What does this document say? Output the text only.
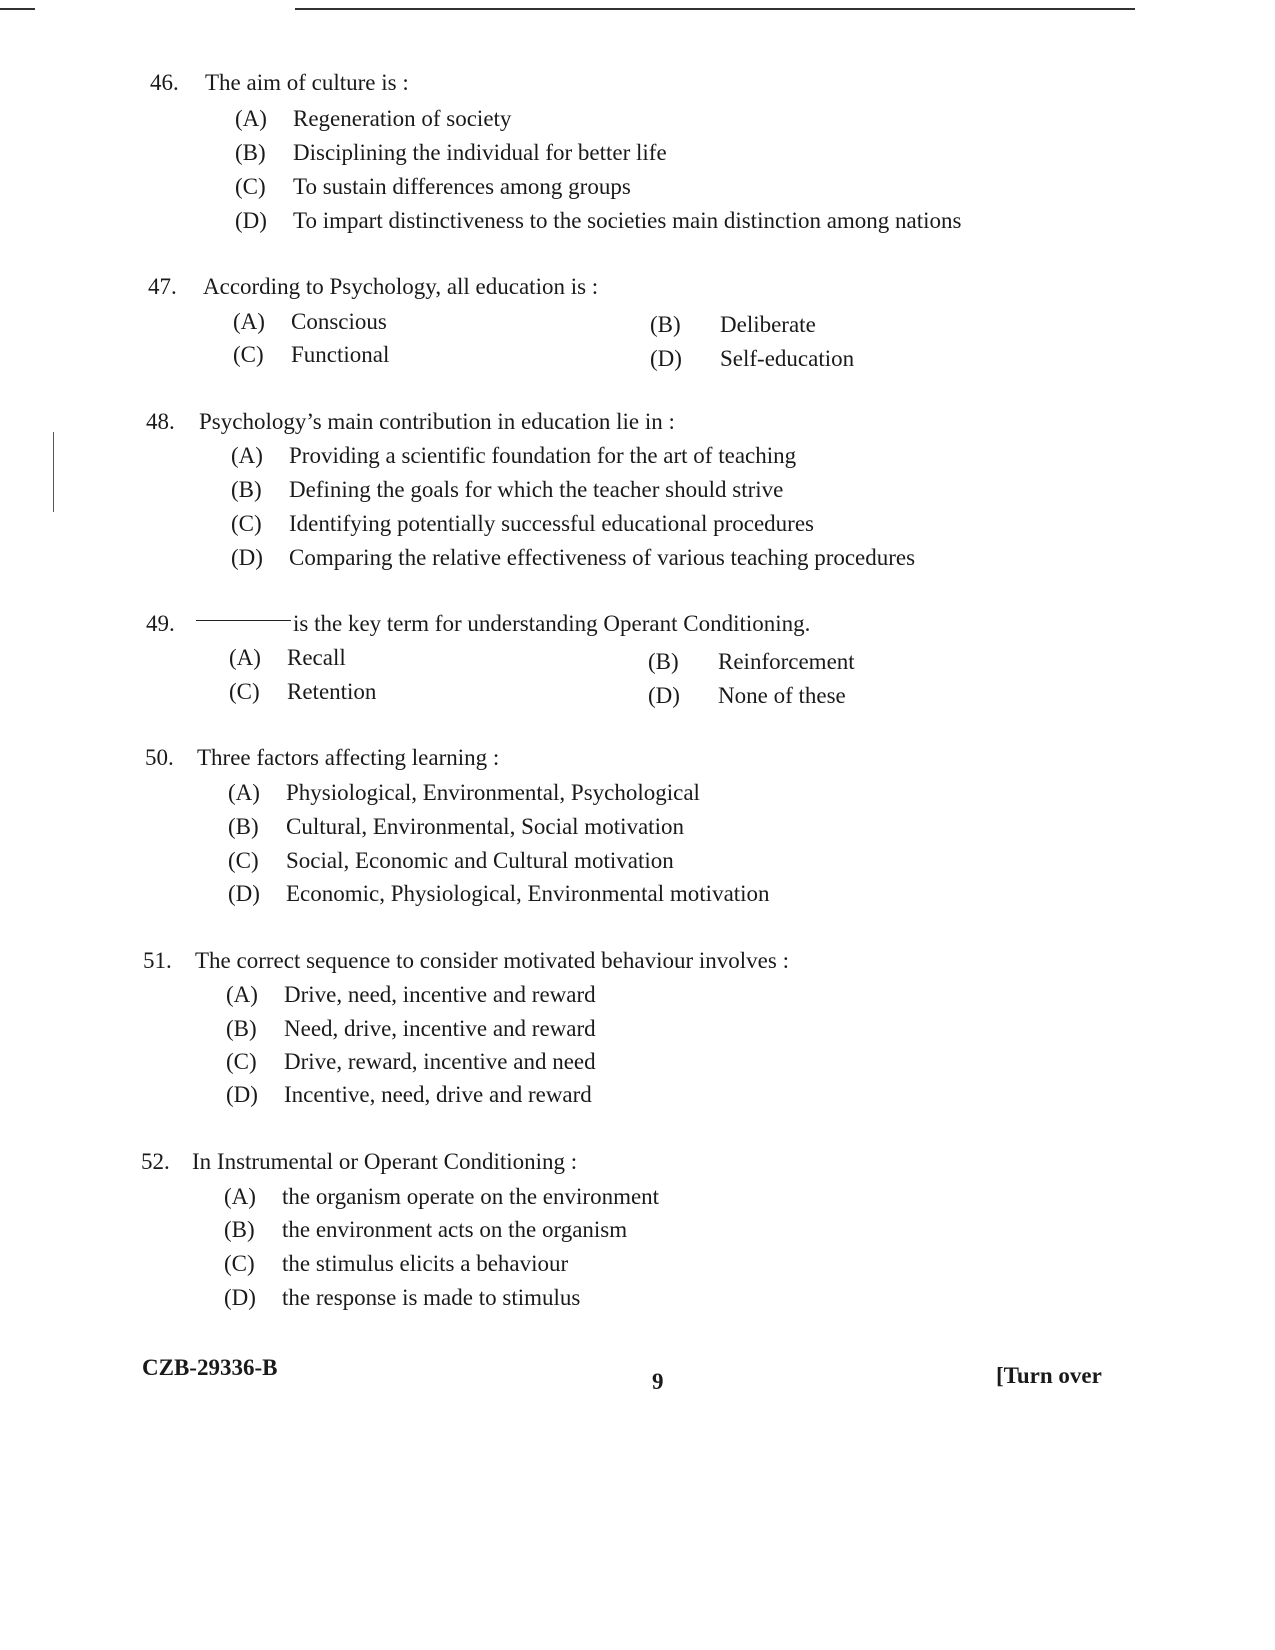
46. The aim of culture is :
(A) Regeneration of society
(B) Disciplining the individual for better life
(C) To sustain differences among groups
(D) To impart distinctiveness to the societies main distinction among nations
47. According to Psychology, all education is :
(A) Conscious	(B) Deliberate
(C) Functional	(D) Self-education
48. Psychology’s main contribution in education lie in :
(A) Providing a scientific foundation for the art of teaching
(B) Defining the goals for which the teacher should strive
(C) Identifying potentially successful educational procedures
(D) Comparing the relative effectiveness of various teaching procedures
49.	is the key term for understanding Operant Conditioning.
(A) Recall	(B) Reinforcement
(C) Retention	(D) None of these
50. Three factors affecting learning :
(A) Physiological, Environmental, Psychological
(B) Cultural, Environmental, Social motivation
(C) Social, Economic and Cultural motivation
(D) Economic, Physiological, Environmental motivation
51. The correct sequence to consider motivated behaviour involves :
(A) Drive, need, incentive and reward
(B) Need, drive, incentive and reward
(C) Drive, reward, incentive and need
(D) Incentive, need, drive and reward
52. In Instrumental or Operant Conditioning :
(A) the organism operate on the environment
(B) the environment acts on the organism
(C) the stimulus elicits a behaviour
(D) the response is made to stimulus
CZB-29336-B
9	[Turn over
